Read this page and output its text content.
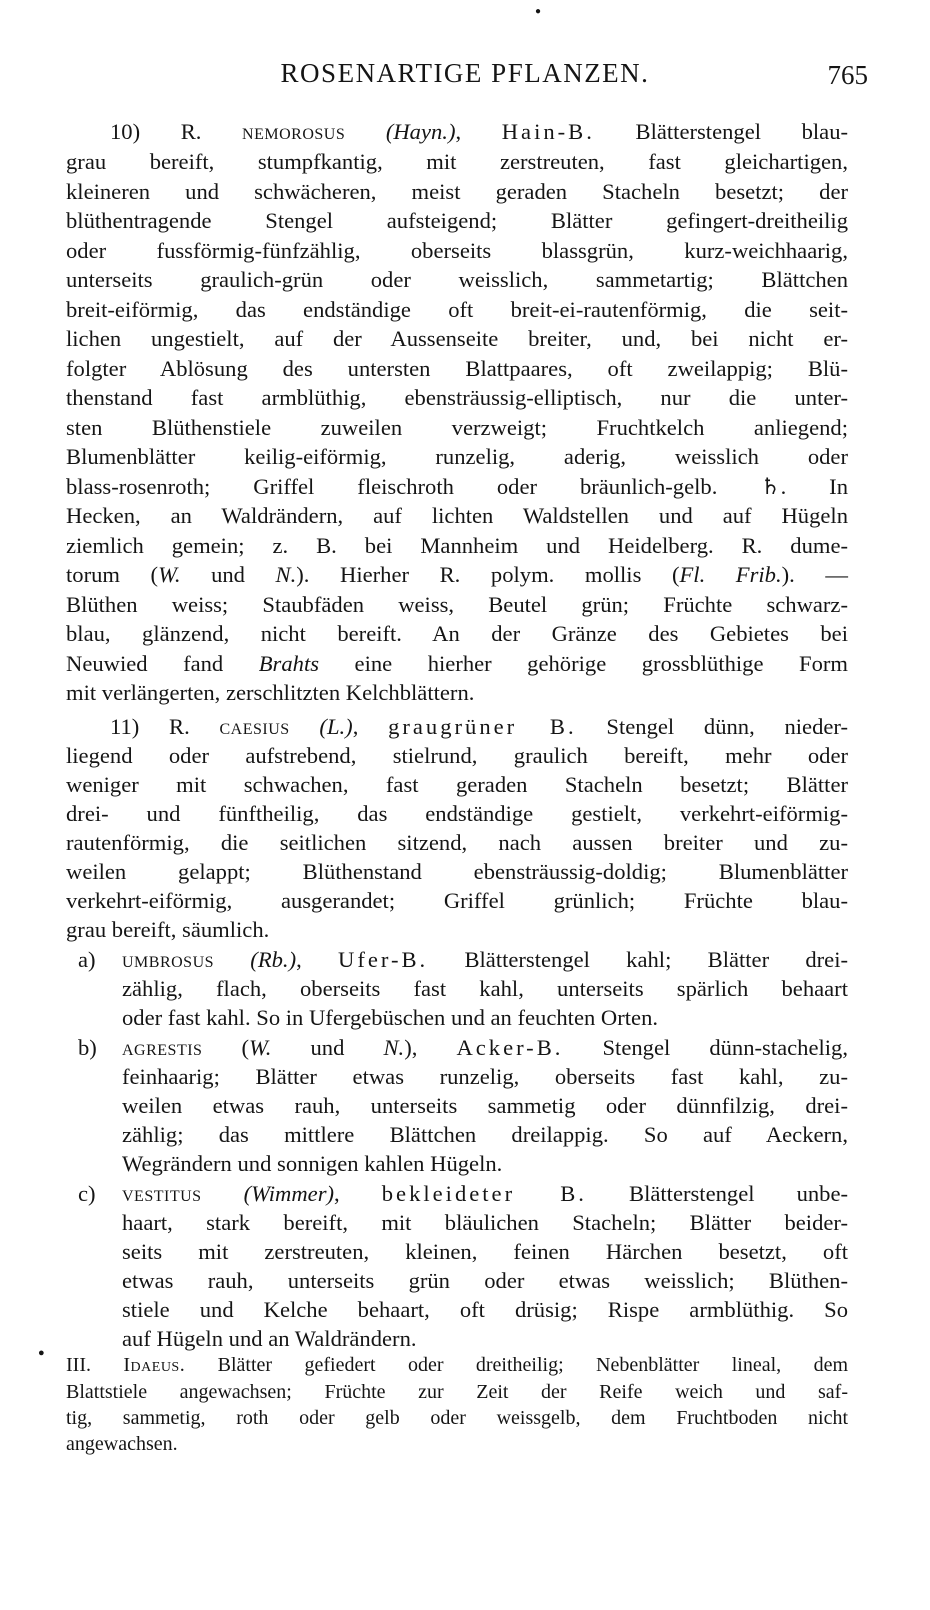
●
ROSENARTIGE PFLANZEN.	765
10) R. nemorosus (Hayn.), Hain-B. Blätterstengel blau-
grau bereift, stumpfkantig, mit zerstreuten, fast gleichartigen,
kleineren und schwächeren, meist geraden Stacheln besetzt; der
blüthentragende Stengel aufsteigend; Blätter gefingert-dreitheilig
oder fussförmig-fünfzählig, oberseits blassgrün, kurz-weichhaarig,
unterseits graulich-grün oder weisslich, sammetartig; Blättchen
breit-eiförmig, das endständige oft breit-ei-rautenförmig, die seit-
lichen ungestielt, auf der Aussenseite breiter, und, bei nicht er-
folgter Ablösung des untersten Blattpaares, oft zweilappig; Blü-
thenstand fast armblüthig, ebensträussig-elliptisch, nur die unter-
sten Blüthenstiele zuweilen verzweigt; Fruchtkelch anliegend;
Blumenblätter keilig-eiförmig, runzelig, aderig, weisslich oder
blass-rosenroth; Griffel fleischroth oder bräunlich-gelb. ♄. In
Hecken, an Waldrändern, auf lichten Waldstellen und auf Hügeln
ziemlich gemein; z. B. bei Mannheim und Heidelberg. R. dume-
torum (W. und N.). Hierher R. polym. mollis (Fl. Frib.). —
Blüthen weiss; Staubfäden weiss, Beutel grün; Früchte schwarz-
blau, glänzend, nicht bereift. An der Gränze des Gebietes bei
Neuwied fand Brahts eine hierher gehörige grossblüthige Form
mit verlängerten, zerschlitzten Kelchblättern.
11) R. caesius (L.), graugrüner B. Stengel dünn, nieder-
liegend oder aufstrebend, stielrund, graulich bereift, mehr oder
weniger mit schwachen, fast geraden Stacheln besetzt; Blätter
drei- und fünftheilig, das endständige gestielt, verkehrt-eiförmig-
rautenförmig, die seitlichen sitzend, nach aussen breiter und zu-
weilen gelappt; Blüthenstand ebensträussig-doldig; Blumenblätter
verkehrt-eiförmig, ausgerandet; Griffel grünlich; Früchte blau-
grau bereift, säumlich.
a) umbrosus (Rb.), Ufer-B. Blätterstengel kahl; Blätter drei-
zählig, flach, oberseits fast kahl, unterseits spärlich behaart
oder fast kahl. So in Ufergebüschen und an feuchten Orten.
b) agrestis (W. und N.), Acker-B. Stengel dünn-stachelig,
feinhaarig; Blätter etwas runzelig, oberseits fast kahl, zu-
weilen etwas rauh, unterseits sammetig oder dünnfilzig, drei-
zählig; das mittlere Blättchen dreilappig. So auf Aeckern,
Wegrändern und sonnigen kahlen Hügeln.
c) vestitus (Wimmer), bekleideter B. Blätterstengel unbe-
haart, stark bereift, mit bläulichen Stacheln; Blätter beider-
seits mit zerstreuten, kleinen, feinen Härchen besetzt, oft
etwas rauh, unterseits grün oder etwas weisslich; Blüthen-
stiele und Kelche behaart, oft drüsig; Rispe armblüthig. So
auf Hügeln und an Waldrändern.
●
III. Idaeus. Blätter gefiedert oder dreitheilig; Nebenblätter lineal, dem
Blattstiele angewachsen; Früchte zur Zeit der Reife weich und saf-
tig, sammetig, roth oder gelb oder weissgelb, dem Fruchtboden nicht
angewachsen.
